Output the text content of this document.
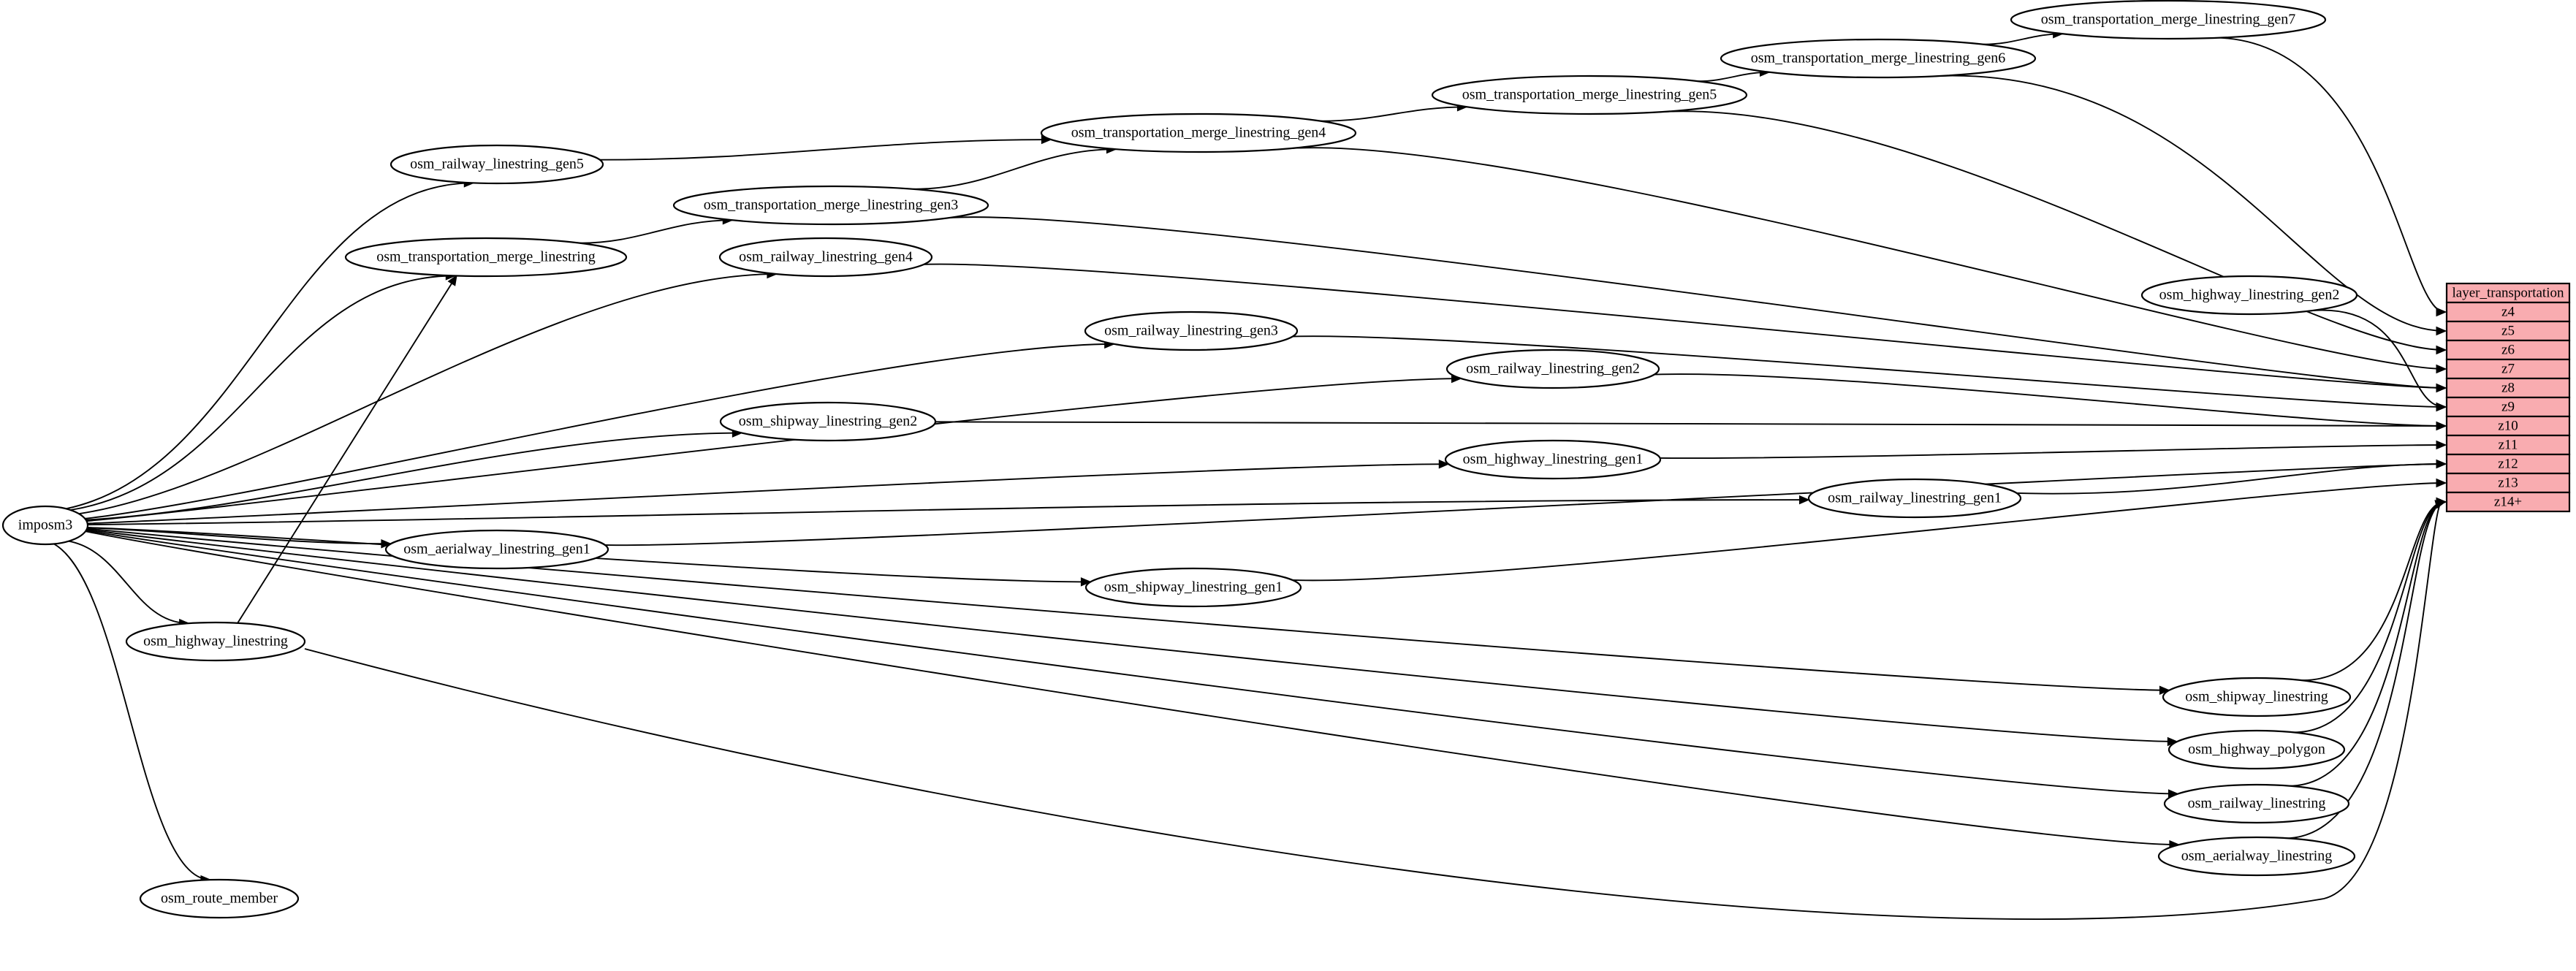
imposm3
osm_transportation_merge_linestring_gen7
osm_transportation_merge_linestring_gen6
osm_transportation_merge_linestring_gen5
osm_transportation_merge_linestring_gen4
osm_transportation_merge_linestring_gen3
osm_transportation_merge_linestring
osm_railway_linestring_gen5
osm_railway_linestring_gen4
osm_railway_linestring_gen3
osm_railway_linestring_gen2
osm_railway_linestring_gen1
osm_highway_linestring_gen2
osm_highway_linestring_gen1
osm_shipway_linestring_gen2
osm_shipway_linestring_gen1
osm_aerialway_linestring_gen1
osm_highway_linestring
osm_shipway_linestring
osm_highway_polygon
osm_railway_linestring
osm_aerialway_linestring
osm_route_member
layer_transportation
z4
z5
z6
z7
z8
z9
z10
z11
z12
z13
z14+
